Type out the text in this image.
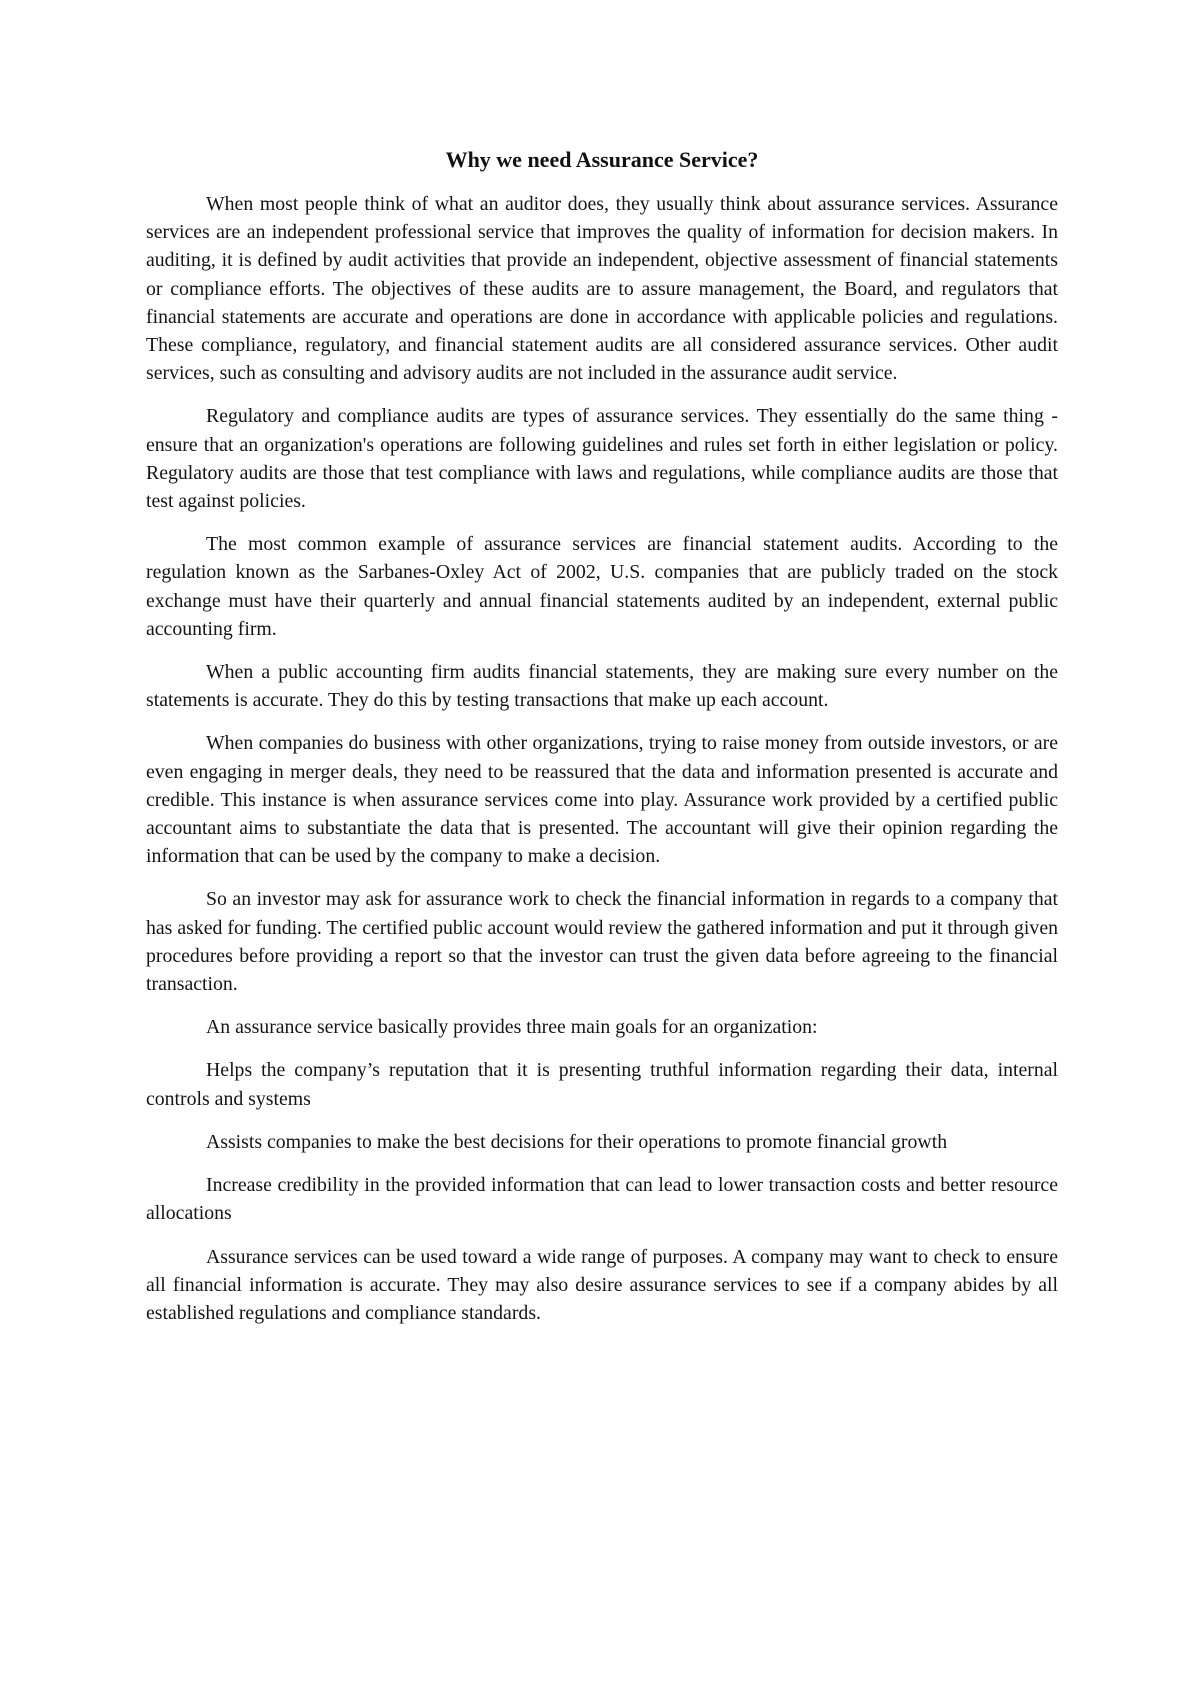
Why we need Assurance Service?

When most people think of what an auditor does, they usually think about assurance services. Assurance services are an independent professional service that improves the quality of information for decision makers. In auditing, it is defined by audit activities that provide an independent, objective assessment of financial statements or compliance efforts. The objectives of these audits are to assure management, the Board, and regulators that financial statements are accurate and operations are done in accordance with applicable policies and regulations. These compliance, regulatory, and financial statement audits are all considered assurance services. Other audit services, such as consulting and advisory audits are not included in the assurance audit service.

Regulatory and compliance audits are types of assurance services. They essentially do the same thing - ensure that an organization's operations are following guidelines and rules set forth in either legislation or policy. Regulatory audits are those that test compliance with laws and regulations, while compliance audits are those that test against policies.

The most common example of assurance services are financial statement audits. According to the regulation known as the Sarbanes-Oxley Act of 2002, U.S. companies that are publicly traded on the stock exchange must have their quarterly and annual financial statements audited by an independent, external public accounting firm.

When a public accounting firm audits financial statements, they are making sure every number on the statements is accurate. They do this by testing transactions that make up each account.

When companies do business with other organizations, trying to raise money from outside investors, or are even engaging in merger deals, they need to be reassured that the data and information presented is accurate and credible. This instance is when assurance services come into play. Assurance work provided by a certified public accountant aims to substantiate the data that is presented. The accountant will give their opinion regarding the information that can be used by the company to make a decision.

So an investor may ask for assurance work to check the financial information in regards to a company that has asked for funding. The certified public account would review the gathered information and put it through given procedures before providing a report so that the investor can trust the given data before agreeing to the financial transaction.

An assurance service basically provides three main goals for an organization:

Helps the company’s reputation that it is presenting truthful information regarding their data, internal controls and systems

Assists companies to make the best decisions for their operations to promote financial growth

Increase credibility in the provided information that can lead to lower transaction costs and better resource allocations

Assurance services can be used toward a wide range of purposes. A company may want to check to ensure all financial information is accurate. They may also desire assurance services to see if a company abides by all established regulations and compliance standards.
